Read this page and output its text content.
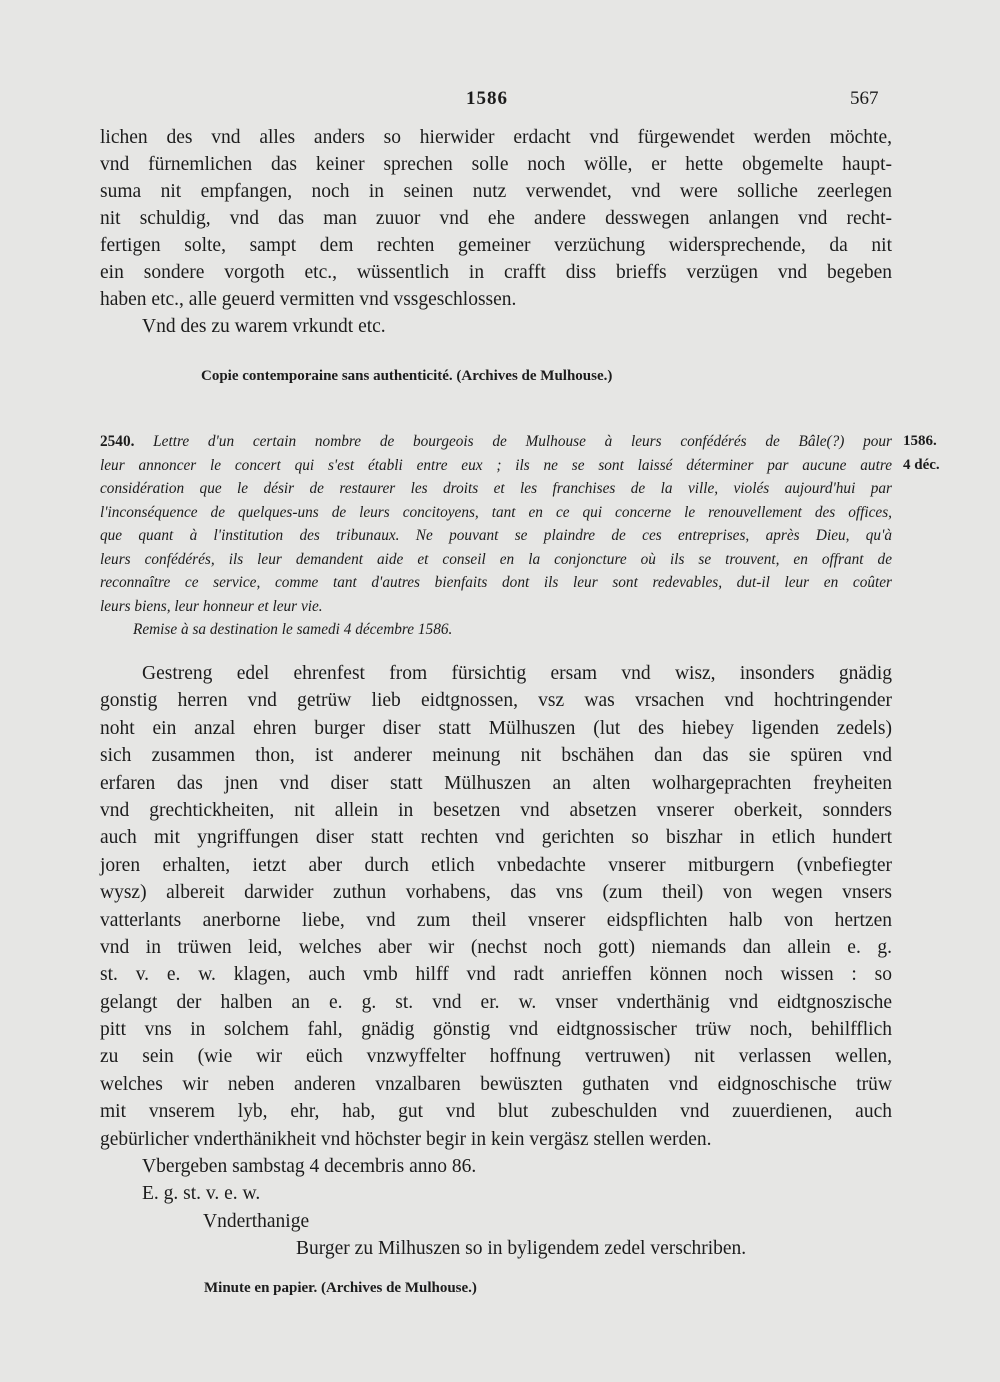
1586	567
lichen des vnd alles anders so hierwider erdacht vnd fürgewendet werden möchte,
vnd fürnemlichen das keiner sprechen solle noch wölle, er hette obgemelte haupt-
suma nit empfangen, noch in seinen nutz verwendet, vnd were solliche zeerlegen
nit schuldig, vnd das man zuuor vnd ehe andere desswegen anlangen vnd recht-
fertigen solte, sampt dem rechten gemeiner verzüchung widersprechende, da nit
ein sondere vorgoth etc., wüssentlich in crafft diss brieffs verzügen vnd begeben
haben etc., alle geuerd vermitten vnd vssgeschlossen.
Vnd des zu warem vrkundt etc.
Copie contemporaine sans authenticité. (Archives de Mulhouse.)
2540. Lettre d'un certain nombre de bourgeois de Mulhouse à leurs confédérés de Bâle(?) pour
leur annoncer le concert qui s'est établi entre eux ; ils ne se sont laissé déterminer par aucune autre
considération que le désir de restaurer les droits et les franchises de la ville, violés aujourd'hui par
l'inconséquence de quelques-uns de leurs concitoyens, tant en ce qui concerne le renouvellement des offices,
que quant à l'institution des tribunaux. Ne pouvant se plaindre de ces entreprises, après Dieu, qu'à
leurs confédérés, ils leur demandent aide et conseil en la conjoncture où ils se trouvent, en offrant de
reconnaître ce service, comme tant d'autres bienfaits dont ils leur sont redevables, dut-il leur en coûter
leurs biens, leur honneur et leur vie.
Remise à sa destination le samedi 4 décembre 1586.
1586.
4 déc.
Gestreng edel ehrenfest from fürsichtig ersam vnd wisz, insonders gnädig
gonstig herren vnd getrüw lieb eidtgnossen, vsz was vrsachen vnd hochtringender
noht ein anzal ehren burger diser statt Mülhuszen (lut des hiebey ligenden zedels)
sich zusammen thon, ist anderer meinung nit bschähen dan das sie spüren vnd
erfaren das jnen vnd diser statt Mülhuszen an alten wolhargeprachten freyheiten
vnd grechtickheiten, nit allein in besetzen vnd absetzen vnserer oberkeit, sonnders
auch mit yngriffungen diser statt rechten vnd gerichten so biszhar in etlich hundert
joren erhalten, ietzt aber durch etlich vnbedachte vnserer mitburgern (vnbefiegter
wysz) albereit darwider zuthun vorhabens, das vns (zum theil) von wegen vnsers
vatterlants anerborne liebe, vnd zum theil vnserer eidspflichten halb von hertzen
vnd in trüwen leid, welches aber wir (nechst noch gott) niemands dan allein e. g.
st. v. e. w. klagen, auch vmb hilff vnd radt anrieffen können noch wissen : so
gelangt der halben an e. g. st. vnd er. w. vnser vnderthänig vnd eidtgnoszische
pitt vns in solchem fahl, gnädig gönstig vnd eidtgnossischer trüw noch, behilfflich
zu sein (wie wir eüch vnzwyffelter hoffnung vertruwen) nit verlassen wellen,
welches wir neben anderen vnzalbaren bewüszten guthaten vnd eidgnoschische trüw
mit vnserem lyb, ehr, hab, gut vnd blut zubeschulden vnd zuuerdienen, auch
gebürlicher vnderthänikheit vnd höchster begir in kein vergäsz stellen werden.
Vbergeben sambstag 4 decembris anno 86.
E. g. st. v. e. w.
Vnderthanige
Burger zu Milhuszen so in byligendem zedel verschriben.
Minute en papier. (Archives de Mulhouse.)
